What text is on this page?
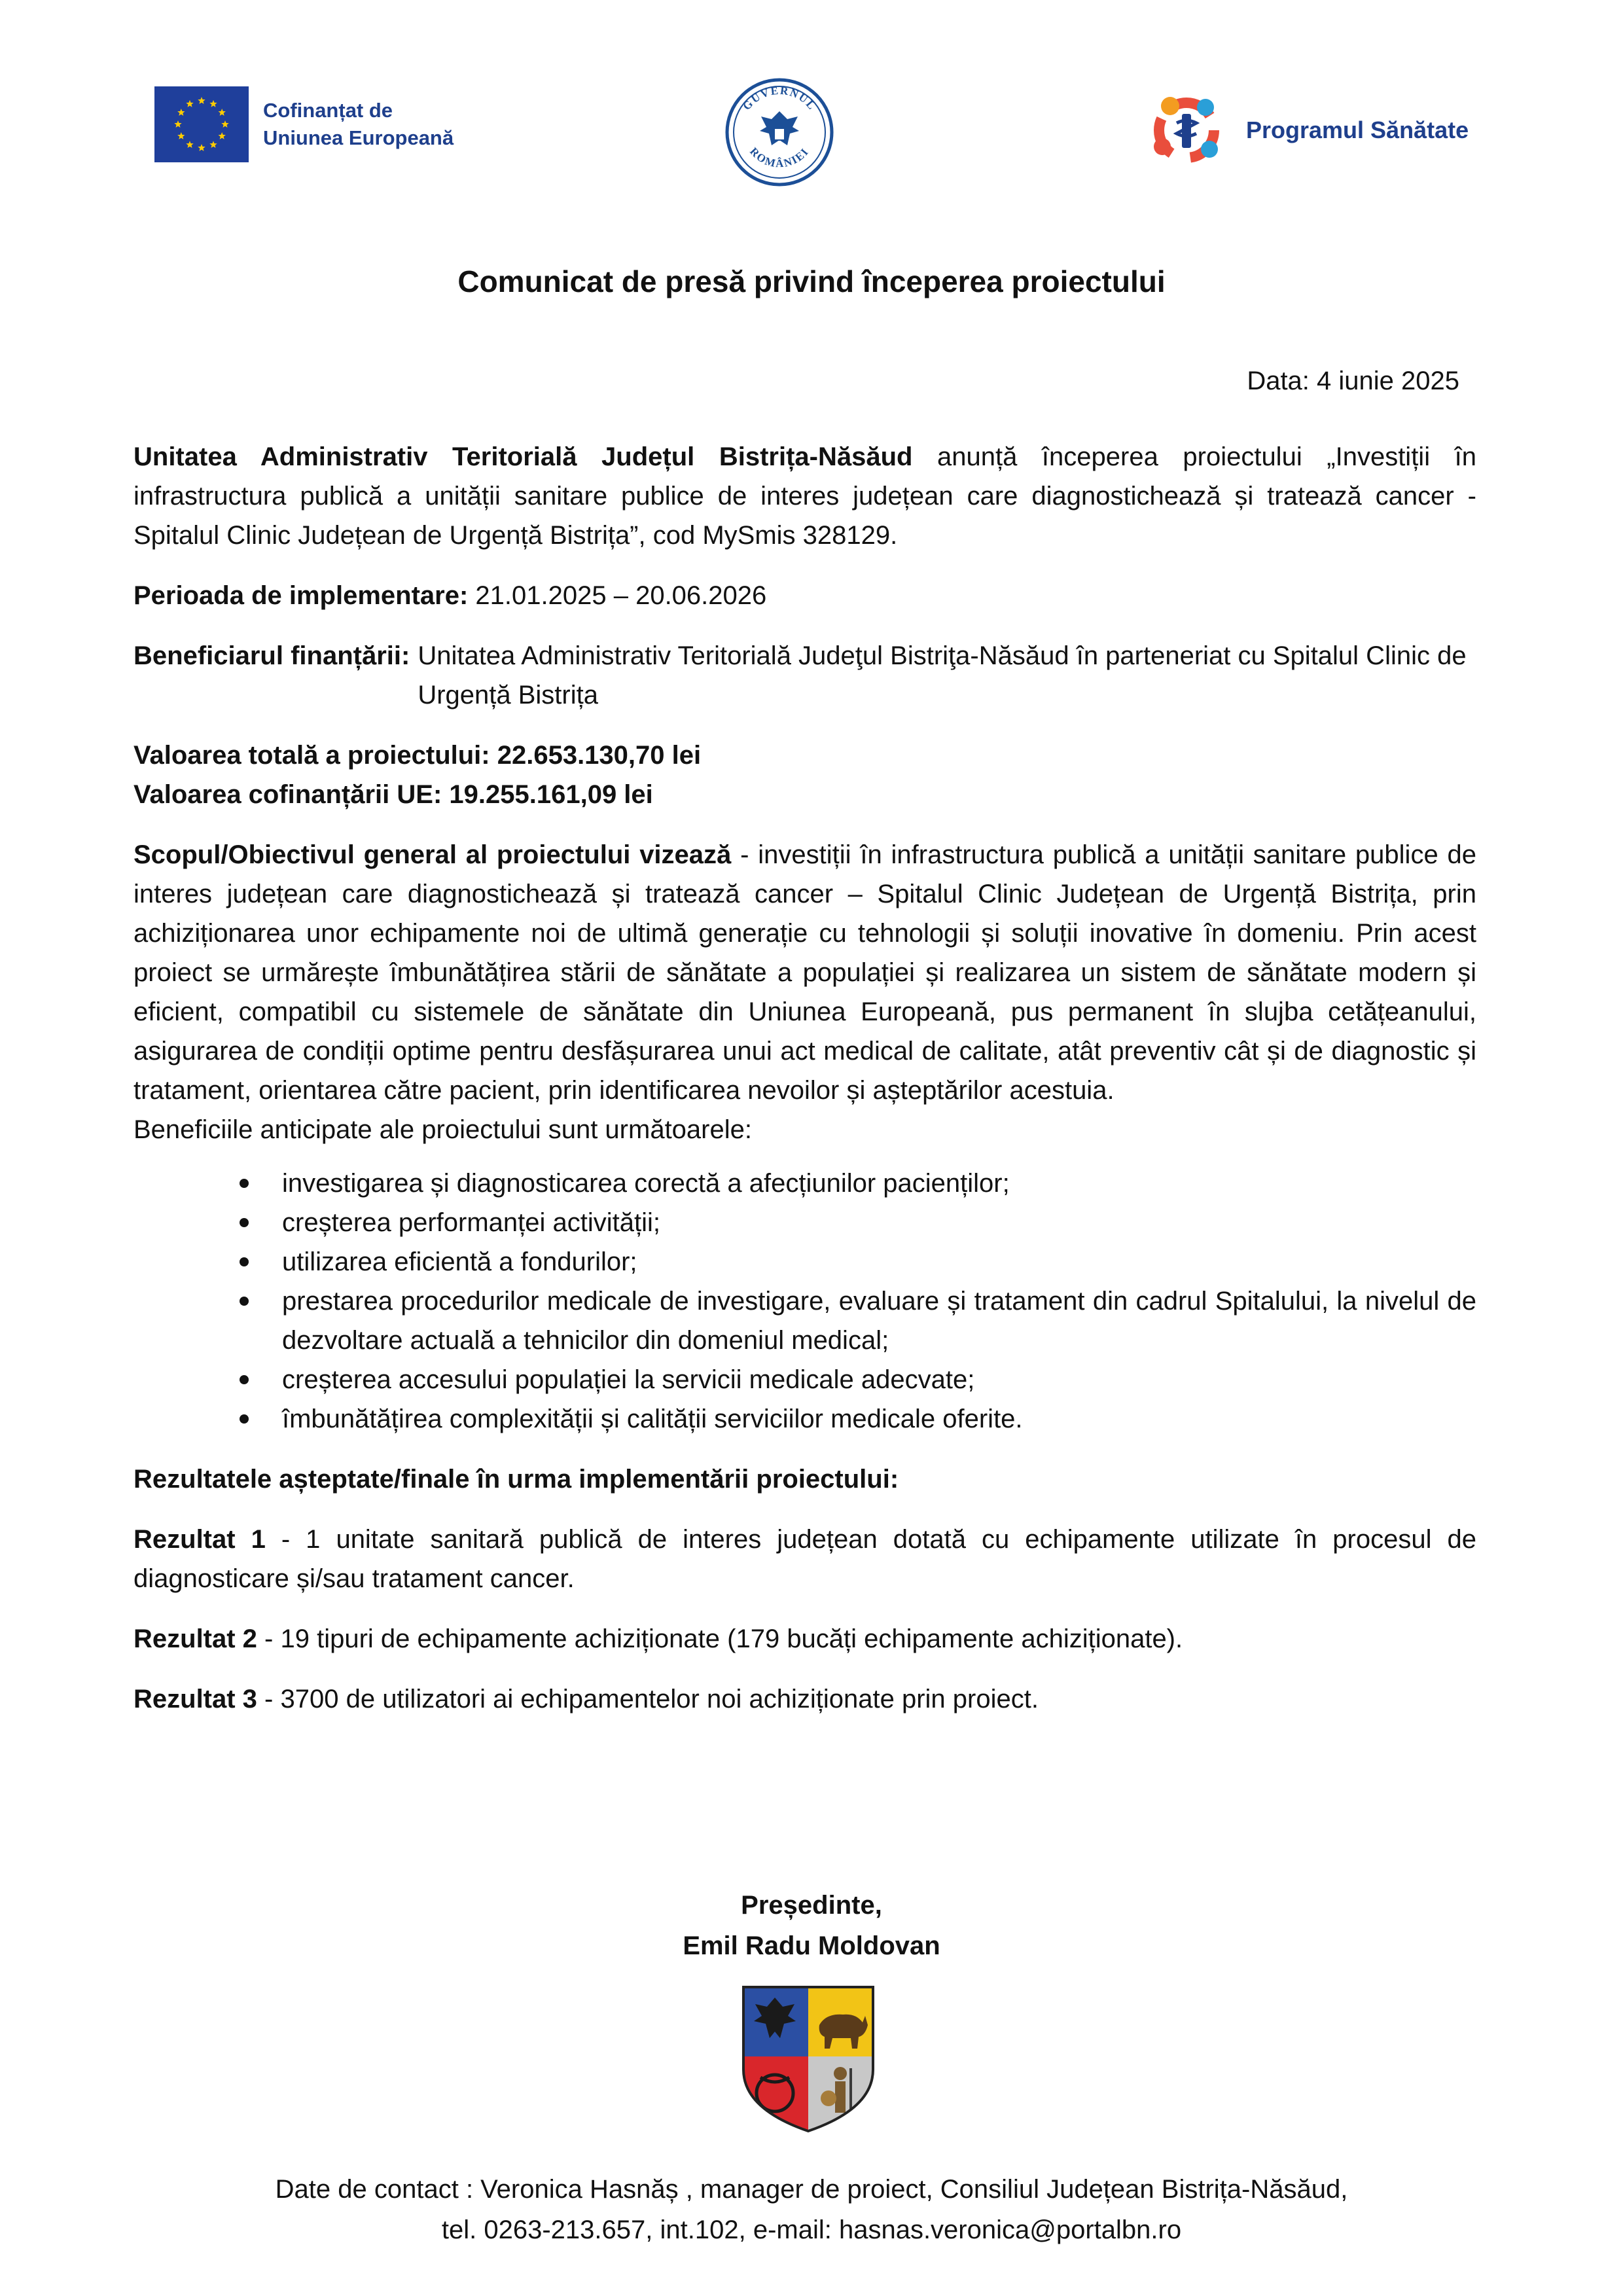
Cofinanțat de
Uniunea Europeană
GUVERNUL
ROMÂNIEI
Programul Sănătate
Comunicat de presă privind începerea proiectului
Data: 4 iunie 2025

Unitatea Administrativ Teritorială Județul Bistrița-Năsăud anunță începerea proiectului „Investiții în infrastructura publică a unității sanitare publice de interes județean care diagnostichează și tratează cancer - Spitalul Clinic Județean de Urgență Bistrița”, cod MySmis 328129.

Perioada de implementare: 21.01.2025 – 20.06.2026

Beneficiarul finanțării: Unitatea Administrativ Teritorială Judeţul Bistriţa-Năsăud în parteneriat cu Spitalul Clinic de Urgență Bistrița

Valoarea totală a proiectului: 22.653.130,70 lei

Valoarea cofinanțării UE: 19.255.161,09 lei

Scopul/Obiectivul general al proiectului vizează - investiții în infrastructura publică a unității sanitare publice de interes județean care diagnostichează și tratează cancer – Spitalul Clinic Județean de Urgență Bistrița, prin achiziționarea unor echipamente noi de ultimă generație cu tehnologii și soluții inovative în domeniu. Prin acest proiect se urmărește îmbunătățirea stării de sănătate a populației și realizarea un sistem de sănătate modern și eficient, compatibil cu sistemele de sănătate din Uniunea Europeană, pus permanent în slujba cetățeanului, asigurarea de condiții optime pentru desfășurarea unui act medical de calitate, atât preventiv cât și de diagnostic și tratament, orientarea către pacient, prin identificarea nevoilor și așteptărilor acestuia.

Beneficiile anticipate ale proiectului sunt următoarele:

investigarea și diagnosticarea corectă a afecțiunilor pacienților;
creșterea performanței activității;
utilizarea eficientă a fondurilor;
prestarea procedurilor medicale de investigare, evaluare și tratament din cadrul Spitalului, la nivelul de dezvoltare actuală a tehnicilor din domeniul medical;
creșterea accesului populației la servicii medicale adecvate;
îmbunătățirea complexității și calității serviciilor medicale oferite.

Rezultatele așteptate/finale în urma implementării proiectului:

Rezultat 1 - 1 unitate sanitară publică de interes județean dotată cu echipamente utilizate în procesul de diagnosticare și/sau tratament cancer.

Rezultat 2 - 19 tipuri de echipamente achiziționate (179 bucăți echipamente achiziționate).

Rezultat 3 - 3700 de utilizatori ai echipamentelor noi achiziționate prin proiect.

Președinte,
Emil Radu Moldovan
Date de contact : Veronica Hasnăș , manager de proiect, Consiliul Județean Bistrița-Năsăud,
tel. 0263-213.657, int.102, e-mail: hasnas.veronica@portalbn.ro
